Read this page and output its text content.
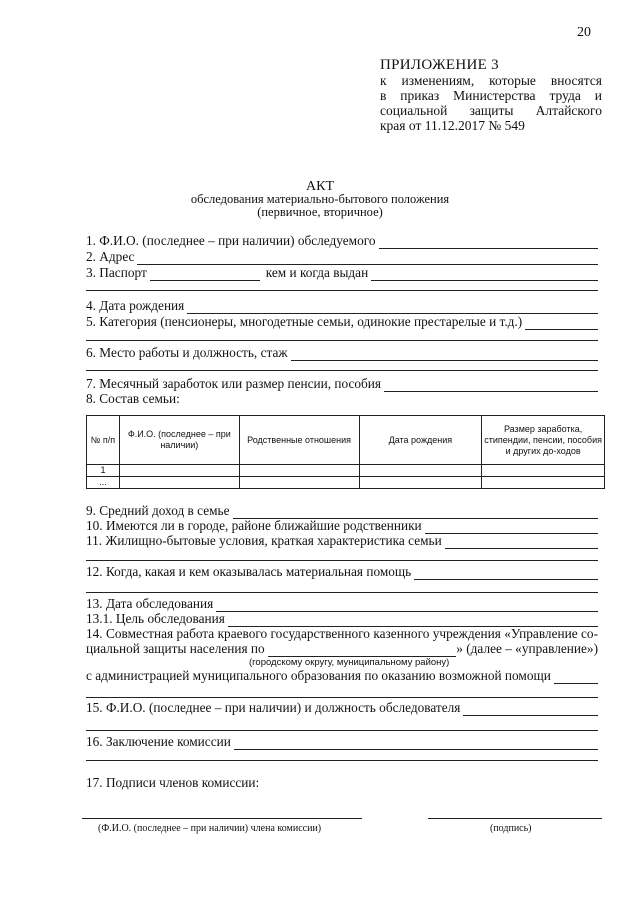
20
ПРИЛОЖЕНИЕ 3
к изменениям, которые вносятся
в приказ Министерства труда и
социальной защиты Алтайского
края от 11.12.2017 № 549
АКТ
обследования материально-бытового положения
(первичное, вторичное)
1. Ф.И.О. (последнее – при наличии) обследуемого
2. Адрес
3. Паспорт	кем и когда выдан
4. Дата рождения
5. Категория (пенсионеры, многодетные семьи, одинокие престарелые и т.д.)
6. Место работы и должность, стаж
7. Месячный заработок или размер пенсии, пособия
8. Состав семьи:
№ п/п	Ф.И.О. (последнее – при наличии)	Родственные отношения	Дата рождения	Размер заработка, стипендии, пенсии, пособия и других до-ходов
1				
...				
9. Средний доход в семье
10. Имеются ли в городе, районе ближайшие родственники
11. Жилищно-бытовые условия, краткая характеристика семьи
12. Когда, какая и кем оказывалась материальная помощь
13. Дата обследования
13.1. Цель обследования
14. Совместная работа краевого государственного казенного учреждения «Управление со-
циальной защиты населения по	» (далее – «управление»)
(городскому округу, муниципальному району)
с администрацией муниципального образования по оказанию возможной помощи
15. Ф.И.О. (последнее – при наличии) и должность обследователя
16. Заключение комиссии
17. Подписи членов комиссии:
(Ф.И.О. (последнее – при наличии) члена комиссии)	(подпись)
